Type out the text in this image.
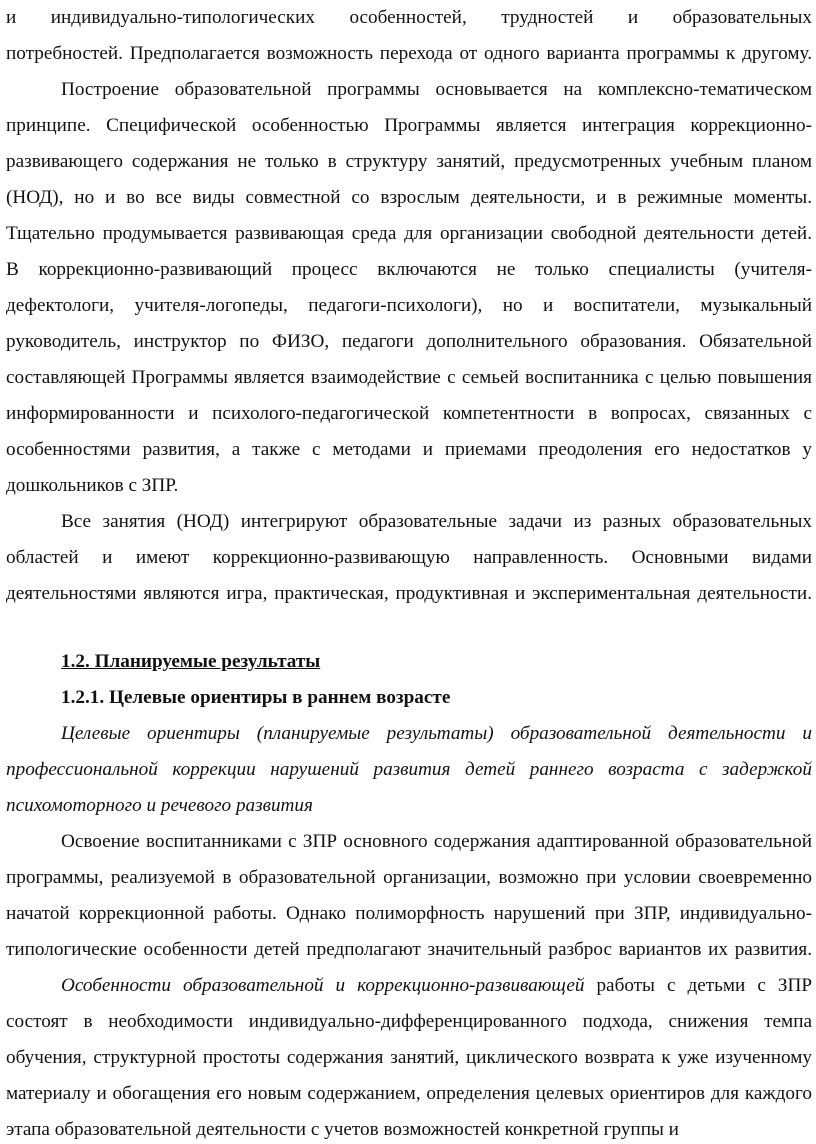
и индивидуально-типологических особенностей, трудностей и образовательных
потребностей. Предполагается возможность перехода от одного варианта программы к другому.
Построение образовательной программы основывается на комплексно-тематическом
принципе. Специфической особенностью Программы является интеграция коррекционно-
развивающего содержания не только в структуру занятий, предусмотренных учебным планом
(НОД), но и во все виды совместной со взрослым деятельности, и в режимные моменты.
Тщательно продумывается развивающая среда для организации свободной деятельности детей.
В коррекционно-развивающий процесс включаются не только специалисты (учителя-
дефектологи, учителя-логопеды, педагоги-психологи), но и воспитатели, музыкальный
руководитель, инструктор по ФИЗО, педагоги дополнительного образования. Обязательной
составляющей Программы является взаимодействие с семьей воспитанника с целью повышения
информированности и психолого-педагогической компетентности в вопросах, связанных с
особенностями развития, а также с методами и приемами преодоления его недостатков у
дошкольников с ЗПР.
Все занятия (НОД) интегрируют образовательные задачи из разных образовательных
областей и имеют коррекционно-развивающую направленность. Основными видами
деятельностями являются игра, практическая, продуктивная и экспериментальная деятельности.
1.2. Планируемые результаты
1.2.1. Целевые ориентиры в раннем возрасте
Целевые ориентиры (планируемые результаты) образовательной деятельности и
профессиональной коррекции нарушений развития детей раннего возраста с задержкой
психомоторного и речевого развития
Освоение воспитанниками с ЗПР основного содержания адаптированной образовательной
программы, реализуемой в образовательной организации, возможно при условии своевременно
начатой коррекционной работы. Однако полиморфность нарушений при ЗПР, индивидуально-
типологические особенности детей предполагают значительный разброс вариантов их развития.
Особенности образовательной и коррекционно-развивающей работы с детьми с ЗПР
состоят в необходимости индивидуально-дифференцированного подхода, снижения темпа
обучения, структурной простоты содержания занятий, циклического возврата к уже изученному
материалу и обогащения его новым содержанием, определения целевых ориентиров для каждого
этапа образовательной деятельности с учетов возможностей конкретной группы и
